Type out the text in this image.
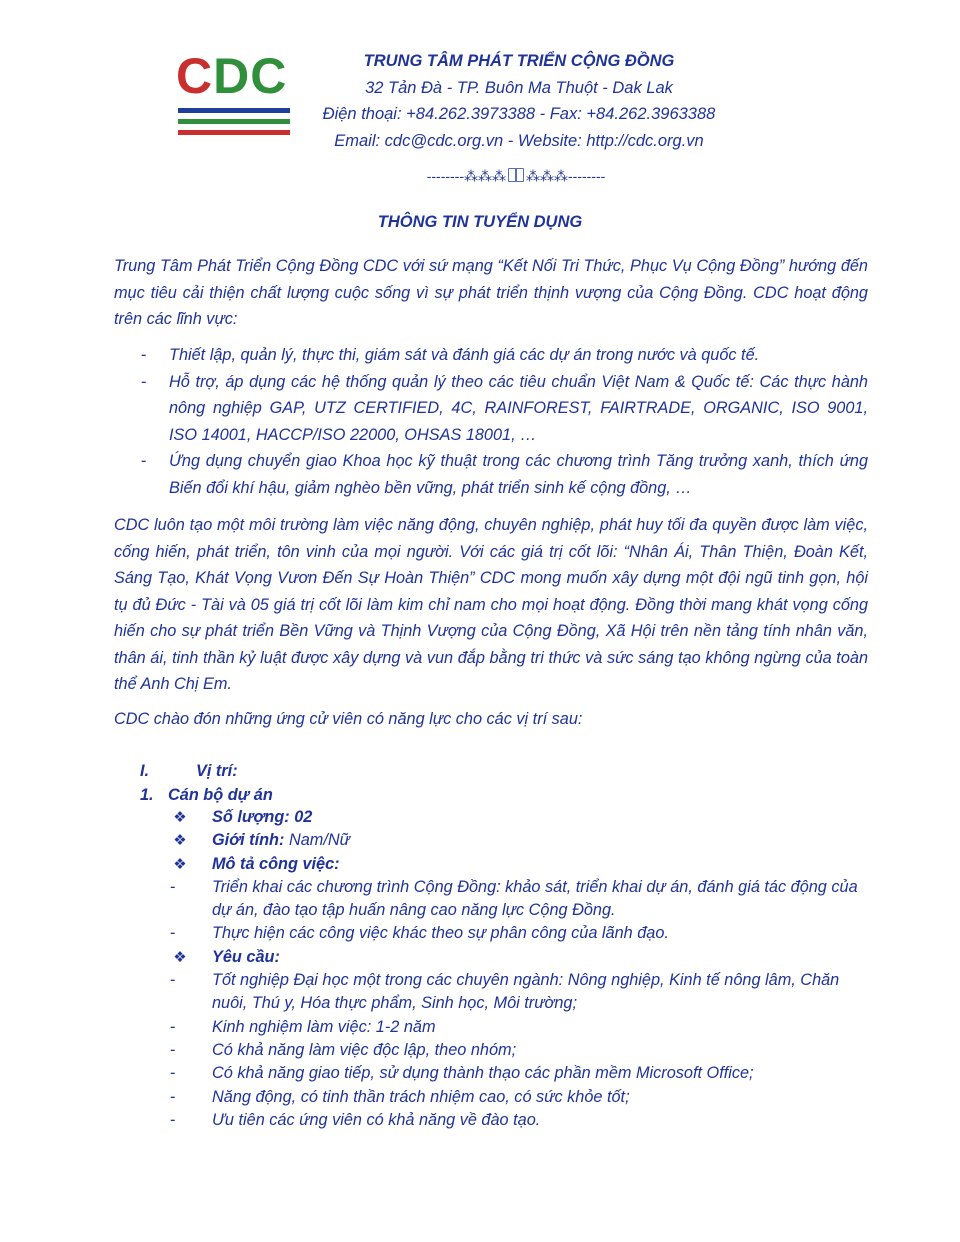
CDC	TRUNG TÂM PHÁT TRIỂN CỘNG ĐỒNG
32 Tản Đà - TP. Buôn Ma Thuột - Dak Lak
Điện thoại: +84.262.3973388 - Fax: +84.262.3963388
Email: cdc@cdc.org.vn - Website: http://cdc.org.vn
--------⁂⁂⁂ ⁂⁂⁂--------
THÔNG TIN TUYỂN DỤNG
Trung Tâm Phát Triển Cộng Đồng CDC với sứ mạng “Kết Nối Tri Thức, Phục Vụ Cộng Đồng” hướng đến mục tiêu cải thiện chất lượng cuộc sống vì sự phát triển thịnh vượng của Cộng Đồng. CDC hoạt động trên các lĩnh vực:
- Thiết lập, quản lý, thực thi, giám sát và đánh giá các dự án trong nước và quốc tế.
- Hỗ trợ, áp dụng các hệ thống quản lý theo các tiêu chuẩn Việt Nam & Quốc tế: Các thực hành nông nghiệp GAP, UTZ CERTIFIED, 4C, RAINFOREST, FAIRTRADE, ORGANIC, ISO 9001, ISO 14001, HACCP/ISO 22000, OHSAS 18001, …
- Ứng dụng chuyển giao Khoa học kỹ thuật trong các chương trình Tăng trưởng xanh, thích ứng Biến đổi khí hậu, giảm nghèo bền vững, phát triển sinh kế cộng đồng, …
CDC luôn tạo một môi trường làm việc năng động, chuyên nghiệp, phát huy tối đa quyền được làm việc, cống hiến, phát triển, tôn vinh của mọi người. Với các giá trị cốt lõi: “Nhân Ái, Thân Thiện, Đoàn Kết, Sáng Tạo, Khát Vọng Vươn Đến Sự Hoàn Thiện” CDC mong muốn xây dựng một đội ngũ tinh gọn, hội tụ đủ Đức - Tài và 05 giá trị cốt lõi làm kim chỉ nam cho mọi hoạt động. Đồng thời mang khát vọng cống hiến cho sự phát triển Bền Vững và Thịnh Vượng của Cộng Đồng, Xã Hội trên nền tảng tính nhân văn, thân ái, tinh thần kỷ luật được xây dựng và vun đắp bằng tri thức và sức sáng tạo không ngừng của toàn thể Anh Chị Em.
CDC chào đón những ứng cử viên có năng lực cho các vị trí sau:
I.	Vị trí:
1. Cán bộ dự án
❖ Số lượng: 02
❖ Giới tính: Nam/Nữ
❖ Mô tả công việc:
- Triển khai các chương trình Cộng Đồng: khảo sát, triển khai dự án, đánh giá tác động của dự án, đào tạo tập huấn nâng cao năng lực Cộng Đồng.
- Thực hiện các công việc khác theo sự phân công của lãnh đạo.
❖ Yêu cầu:
- Tốt nghiệp Đại học một trong các chuyên ngành: Nông nghiệp, Kinh tế nông lâm, Chăn nuôi, Thú y, Hóa thực phẩm, Sinh học, Môi trường;
- Kinh nghiệm làm việc: 1-2 năm
- Có khả năng làm việc độc lập, theo nhóm;
- Có khả năng giao tiếp, sử dụng thành thạo các phần mềm Microsoft Office;
- Năng động, có tinh thần trách nhiệm cao, có sức khỏe tốt;
- Ưu tiên các ứng viên có khả năng về đào tạo.
